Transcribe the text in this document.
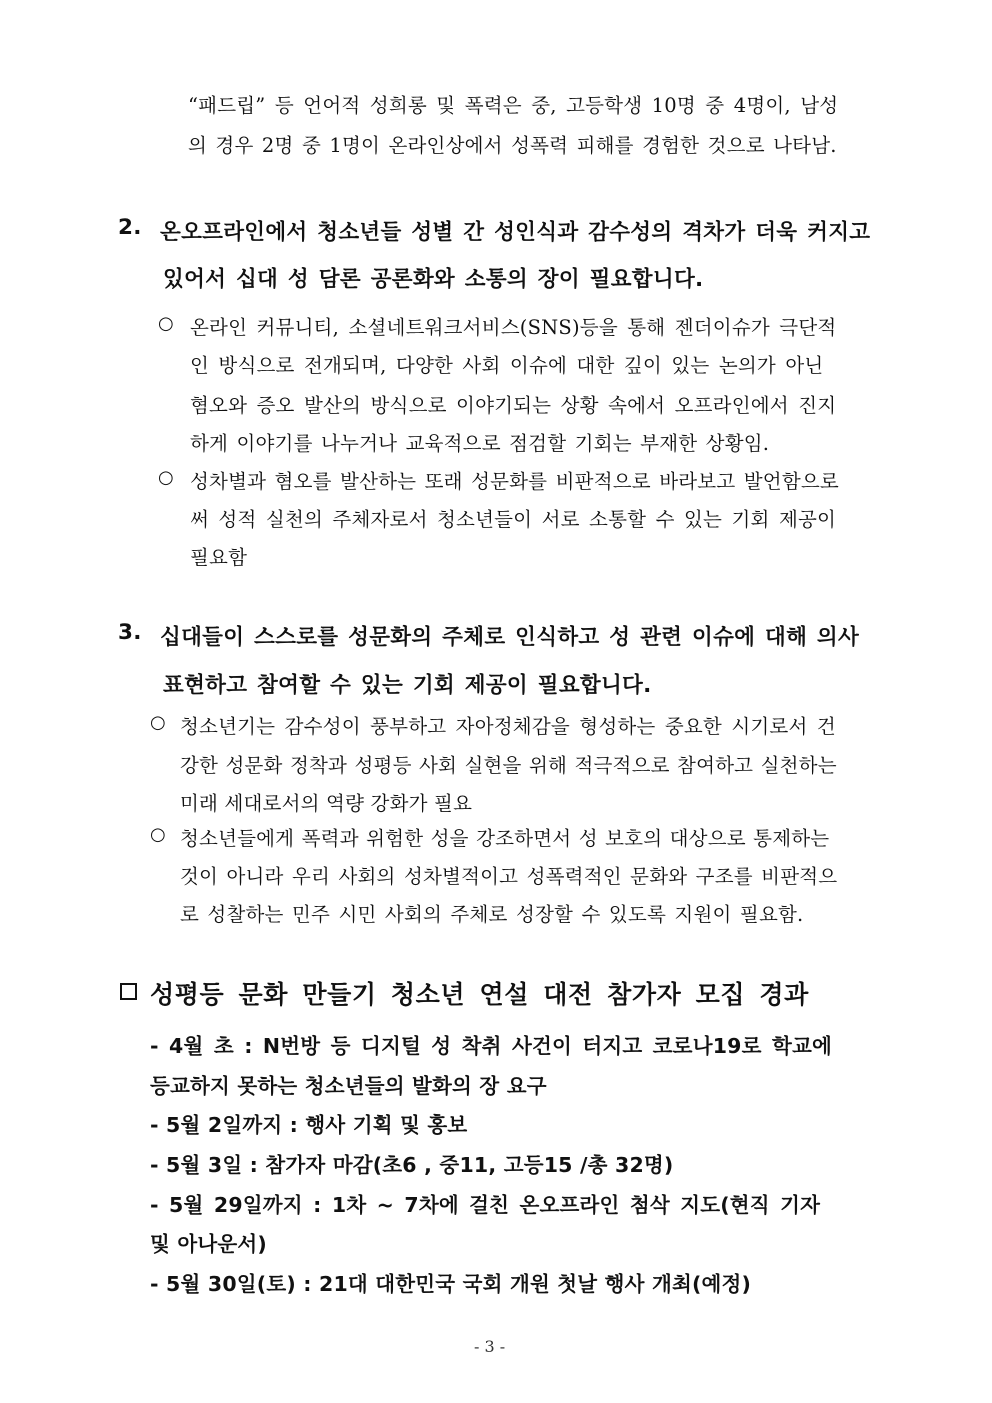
“패드립” 등 언어적 성희롱 및 폭력은 중, 고등학생 10명 중 4명이, 남성
의 경우 2명 중 1명이 온라인상에서 성폭력 피해를 경험한 것으로 나타남.
2. 온오프라인에서 청소년들 성별 간 성인식과 감수성의 격차가 더욱 커지고
있어서 십대 성 담론 공론화와 소통의 장이 필요합니다.
○ 온라인 커뮤니티, 소셜네트워크서비스(SNS)등을 통해 젠더이슈가 극단적
인 방식으로 전개되며, 다양한 사회 이슈에 대한 깊이 있는 논의가 아닌
혐오와 증오 발산의 방식으로 이야기되는 상황 속에서 오프라인에서 진지
하게 이야기를 나누거나 교육적으로 점검할 기회는 부재한 상황임.
○ 성차별과 혐오를 발산하는 또래 성문화를 비판적으로 바라보고 발언함으로
써 성적 실천의 주체자로서 청소년들이 서로 소통할 수 있는 기회 제공이
필요함
3. 십대들이 스스로를 성문화의 주체로 인식하고 성 관련 이슈에 대해 의사
표현하고 참여할 수 있는 기회 제공이 필요합니다.
○ 청소년기는 감수성이 풍부하고 자아정체감을 형성하는 중요한 시기로서 건
강한 성문화 정착과 성평등 사회 실현을 위해 적극적으로 참여하고 실천하는
미래 세대로서의 역량 강화가 필요
○ 청소년들에게 폭력과 위험한 성을 강조하면서 성 보호의 대상으로 통제하는
것이 아니라 우리 사회의 성차별적이고 성폭력적인 문화와 구조를 비판적으
로 성찰하는 민주 시민 사회의 주체로 성장할 수 있도록 지원이 필요함.
성평등 문화 만들기 청소년 연설 대전 참가자 모집 경과
- 4월 초 : N번방 등 디지털 성 착취 사건이 터지고 코로나19로 학교에
등교하지 못하는 청소년들의 발화의 장 요구
- 5월 2일까지 : 행사 기획 및 홍보
- 5월 3일 : 참가자 마감(초6 , 중11, 고등15 /총 32명)
- 5월 29일까지 : 1차 ~ 7차에 걸친 온오프라인 첨삭 지도(현직 기자
및 아나운서)
- 5월 30일(토) : 21대 대한민국 국회 개원 첫날 행사 개최(예정)
- 3 -
